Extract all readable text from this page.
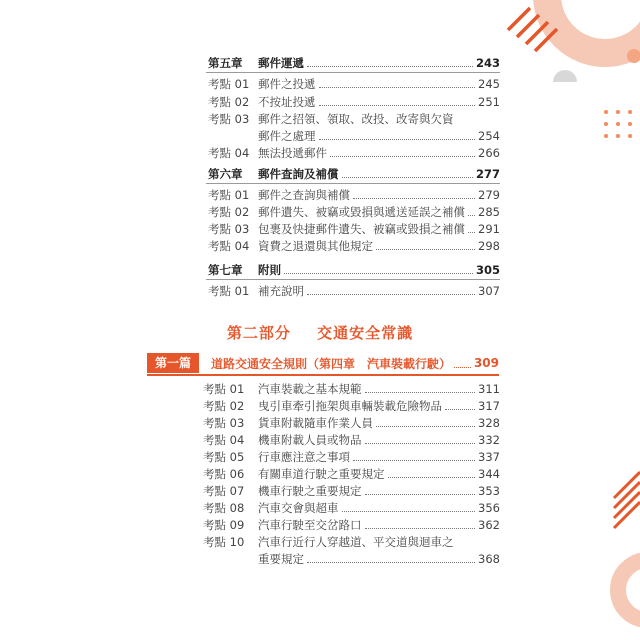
第五章	郵件運遞	243
考點 01 郵件之投遞	245
考點 02 不按址投遞	251
考點 03 郵件之招領、領取、改投、改寄與欠資
郵件之處理	254
考點 04 無法投遞郵件	266
第六章	郵件查詢及補償	277
考點 01 郵件之查詢與補償	279
考點 02 郵件遺失、被竊或毀損與遞送延誤之補償 285
考點 03 包裹及快捷郵件遺失、被竊或毀損之補償 291
考點 04 資費之退還與其他規定	298
第七章	附則	305
考點 01 補充說明	307
第二部分 交通安全常識
第一篇	道路交通安全規則（第四章　汽車裝載行駛） 309
考點 01	汽車裝載之基本規範	311
考點 02	曳引車牽引拖架與車輛裝載危險物品	317
考點 03	貨車附載隨車作業人員	328
考點 04	機車附載人員或物品	332
考點 05	行車應注意之事項	337
考點 06	有關車道行駛之重要規定	344
考點 07	機車行駛之重要規定	353
考點 08	汽車交會與超車	356
考點 09	汽車行駛至交岔路口	362
考點 10	汽車行近行人穿越道、平交道與迴車之
重要規定	368
